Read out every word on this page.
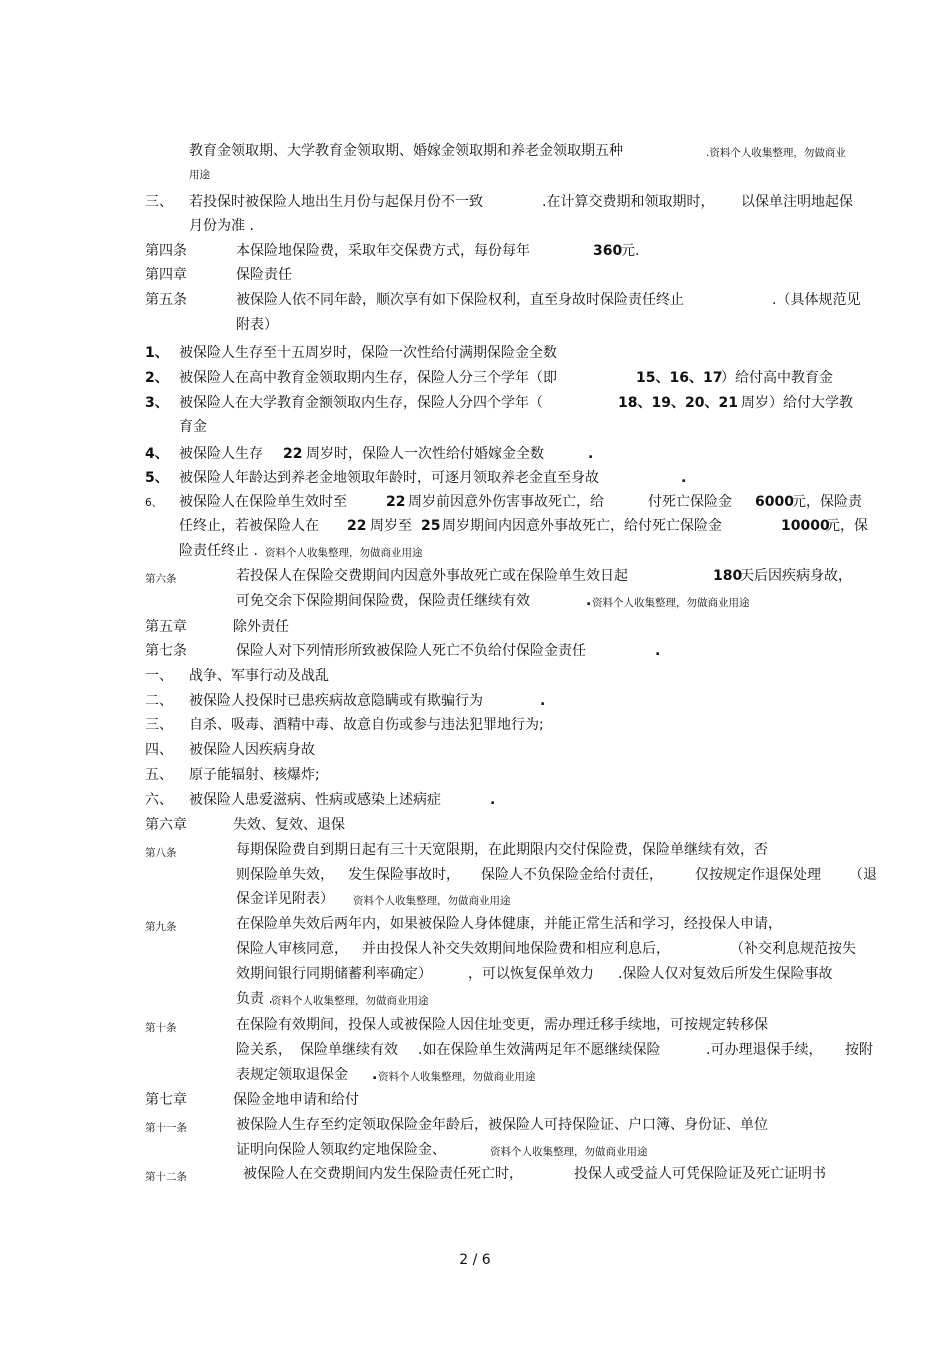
教育金领取期、大学教育金领取期、婚嫁金领取期和养老金领取期五种	.资料个人收集整理，勿做商业
用途
三、 若投保时被保险人地出生月份与起保月份不一致	.在计算交费期和领取期时， 以保单注明地起保
月份为准 .
第四条	本保险地保险费，采取年交保费方式，每份每年	360
元.
第四章	保险责任
第五条	被保险人依不同年龄，顺次享有如下保险权利，直至身故时保险责任终止	.（具体规范见
附表）
1、 被保险人生存至十五周岁时，保险一次性给付满期保险金全数
2、 被保险人在高中教育金领取期内生存，保险人分三个学年（即	15、16、17
）给付高中教育金
3、 被保险人在大学教育金额领取内生存，保险人分四个学年（	18、19、20、21 周岁）给付大学教
育金
4、 被保险人生存 22 周岁时，保险人一次性给付婚嫁金全数	.
5、 被保险人年龄达到养老金地领取年龄时，可逐月领取养老金直至身故	.
6、 被保险人在保险单生效时至	22 周岁前因意外伤害事故死亡，给	付死亡保险金 6000
元，保险责
任终止，若被保险人在 22 周岁至 25 周岁期间内因意外事故死亡，给付死亡保险金	10000
元，保
险责任终止 . 资料个人收集整理，勿做商业用途
第六条	若投保人在保险交费期间内因意外事故死亡或在保险单生效日起	180
天后因疾病身故，
可免交余下保险期间保险费，保险责任继续有效	. 资料个人收集整理，勿做商业用途
第五章	除外责任
第七条	保险人对下列情形所致被保险人死亡不负给付保险金责任	.
一、 战争、军事行动及战乱
二、 被保险人投保时已患疾病故意隐瞒或有欺骗行为	.
三、 自杀、吸毒、酒精中毒、故意自伤或参与违法犯罪地行为;
四、 被保险人因疾病身故
五、 原子能辐射、核爆炸;
六、 被保险人患爱滋病、性病或感染上述病症	.
第六章	失效、复效、退保
第八条	每期保险费自到期日起有三十天宽限期，在此期限内交付保险费，保险单继续有效，否
则保险单失效， 发生保险事故时， 保险人不负保险金给付责任， 仅按规定作退保处理 （退
保金详见附表） 资料个人收集整理，勿做商业用途
第九条	在保险单失效后两年内，如果被保险人身体健康，并能正常生活和学习，经投保人申请，
保险人审核同意， 并由投保人补交失效期间地保险费和相应利息后，	（补交利息规范按失
效期间银行同期储蓄利率确定）	，可以恢复保单效力 .保险人仅对复效后所发生保险事故
负责 .
资料个人收集整理，勿做商业用途
第十条	在保险有效期间，投保人或被保险人因住址变更，需办理迁移手续地，可按规定转移保
险关系， 保险单继续有效 .如在保险单生效满两足年不愿继续保险	.可办理退保手续， 按附
表规定领取退保金 . 资料个人收集整理，勿做商业用途
第七章	保险金地申请和给付
第十一条	被保险人生存至约定领取保险金年龄后，被保险人可持保险证、户口簿、身份证、单位
证明向保险人领取约定地保险金、	资料个人收集整理，勿做商业用途
第十二条	被保险人在交费期间内发生保险责任死亡时，	投保人或受益人可凭保险证及死亡证明书
2 / 6
